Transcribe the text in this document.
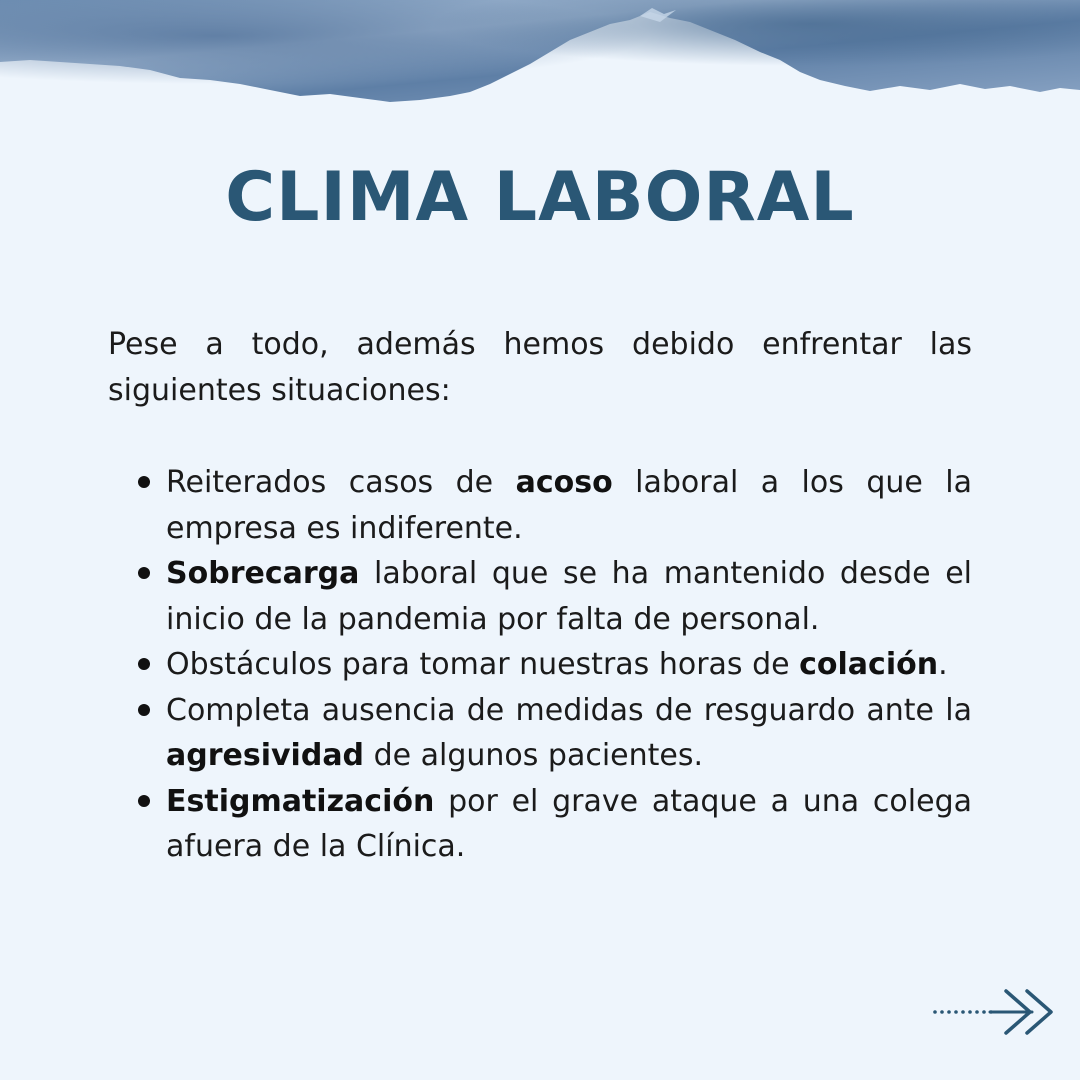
CLIMA LABORAL

Pese a todo, además hemos debido enfrentar las siguientes situaciones:

Reiterados casos de acoso laboral a los que la empresa es indiferente.
Sobrecarga laboral que se ha mantenido desde el inicio de la pandemia por falta de personal.
Obstáculos para tomar nuestras horas de colación.
Completa ausencia de medidas de resguardo ante la agresividad de algunos pacientes.
Estigmatización por el grave ataque a una colega afuera de la Clínica.
